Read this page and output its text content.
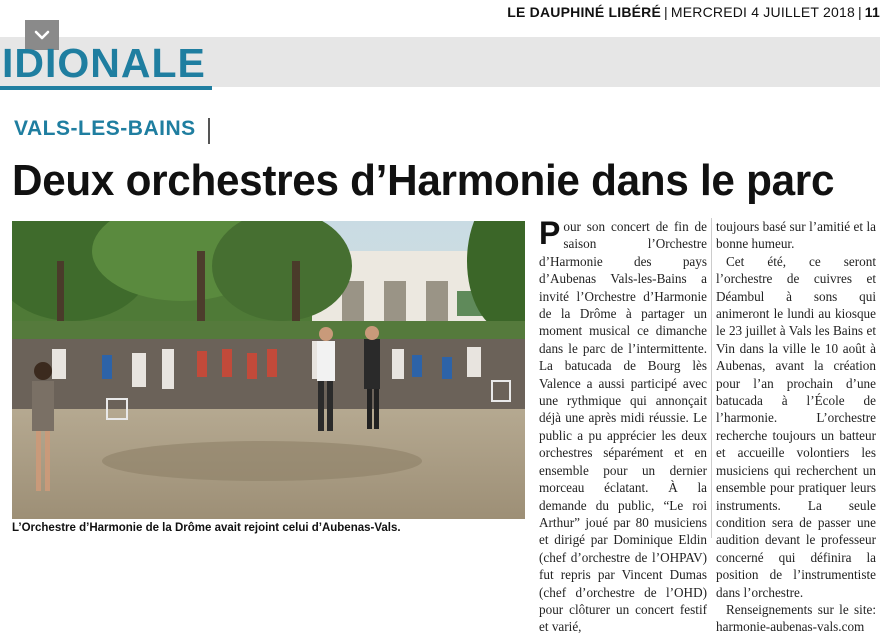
LE DAUPHINÉ LIBÉRÉ | MERCREDI 4 JUILLET 2018 | 11
IDIONALE
VALS-LES-BAINS
Deux orchestres d’Harmonie dans le parc
L’Orchestre d’Harmonie de la Drôme avait rejoint celui d’Aubenas-Vals.

Pour son concert de fin de saison l’Orchestre d’Harmonie des pays d’Aubenas Vals-les-Bains a invité l’Orchestre d’Harmonie de la Drôme à partager un moment musical ce dimanche dans le parc de l’intermittente. La batucada de Bourg lès Valence a aussi participé avec une rythmique qui annonçait déjà une après midi réussie. Le public a pu apprécier les deux orchestres séparément et en ensemble pour un dernier morceau éclatant. À la demande du public, “Le roi Arthur” joué par 80 musiciens et dirigé par Dominique Eldin (chef d’orchestre de l’OHPAV) fut repris par Vincent Dumas (chef d’orchestre de l’OHD) pour clôturer un concert festif et varié,

toujours basé sur l’amitié et la bonne humeur.

Cet été, ce seront l’orchestre de cuivres et Déambul à sons qui animeront le lundi au kiosque le 23 juillet à Vals les Bains et Vin dans la ville le 10 août à Aubenas, avant la création pour l’an prochain d’une batucada à l’École de l’harmonie. L’orchestre recherche toujours un batteur et accueille volontiers les musiciens qui recherchent un ensemble pour pratiquer leurs instruments. La seule condition sera de passer une audition devant le professeur concerné qui définira la position de l’instrumentiste dans l’orchestre.

Renseignements sur le site: harmonie-aubenas-vals.com
